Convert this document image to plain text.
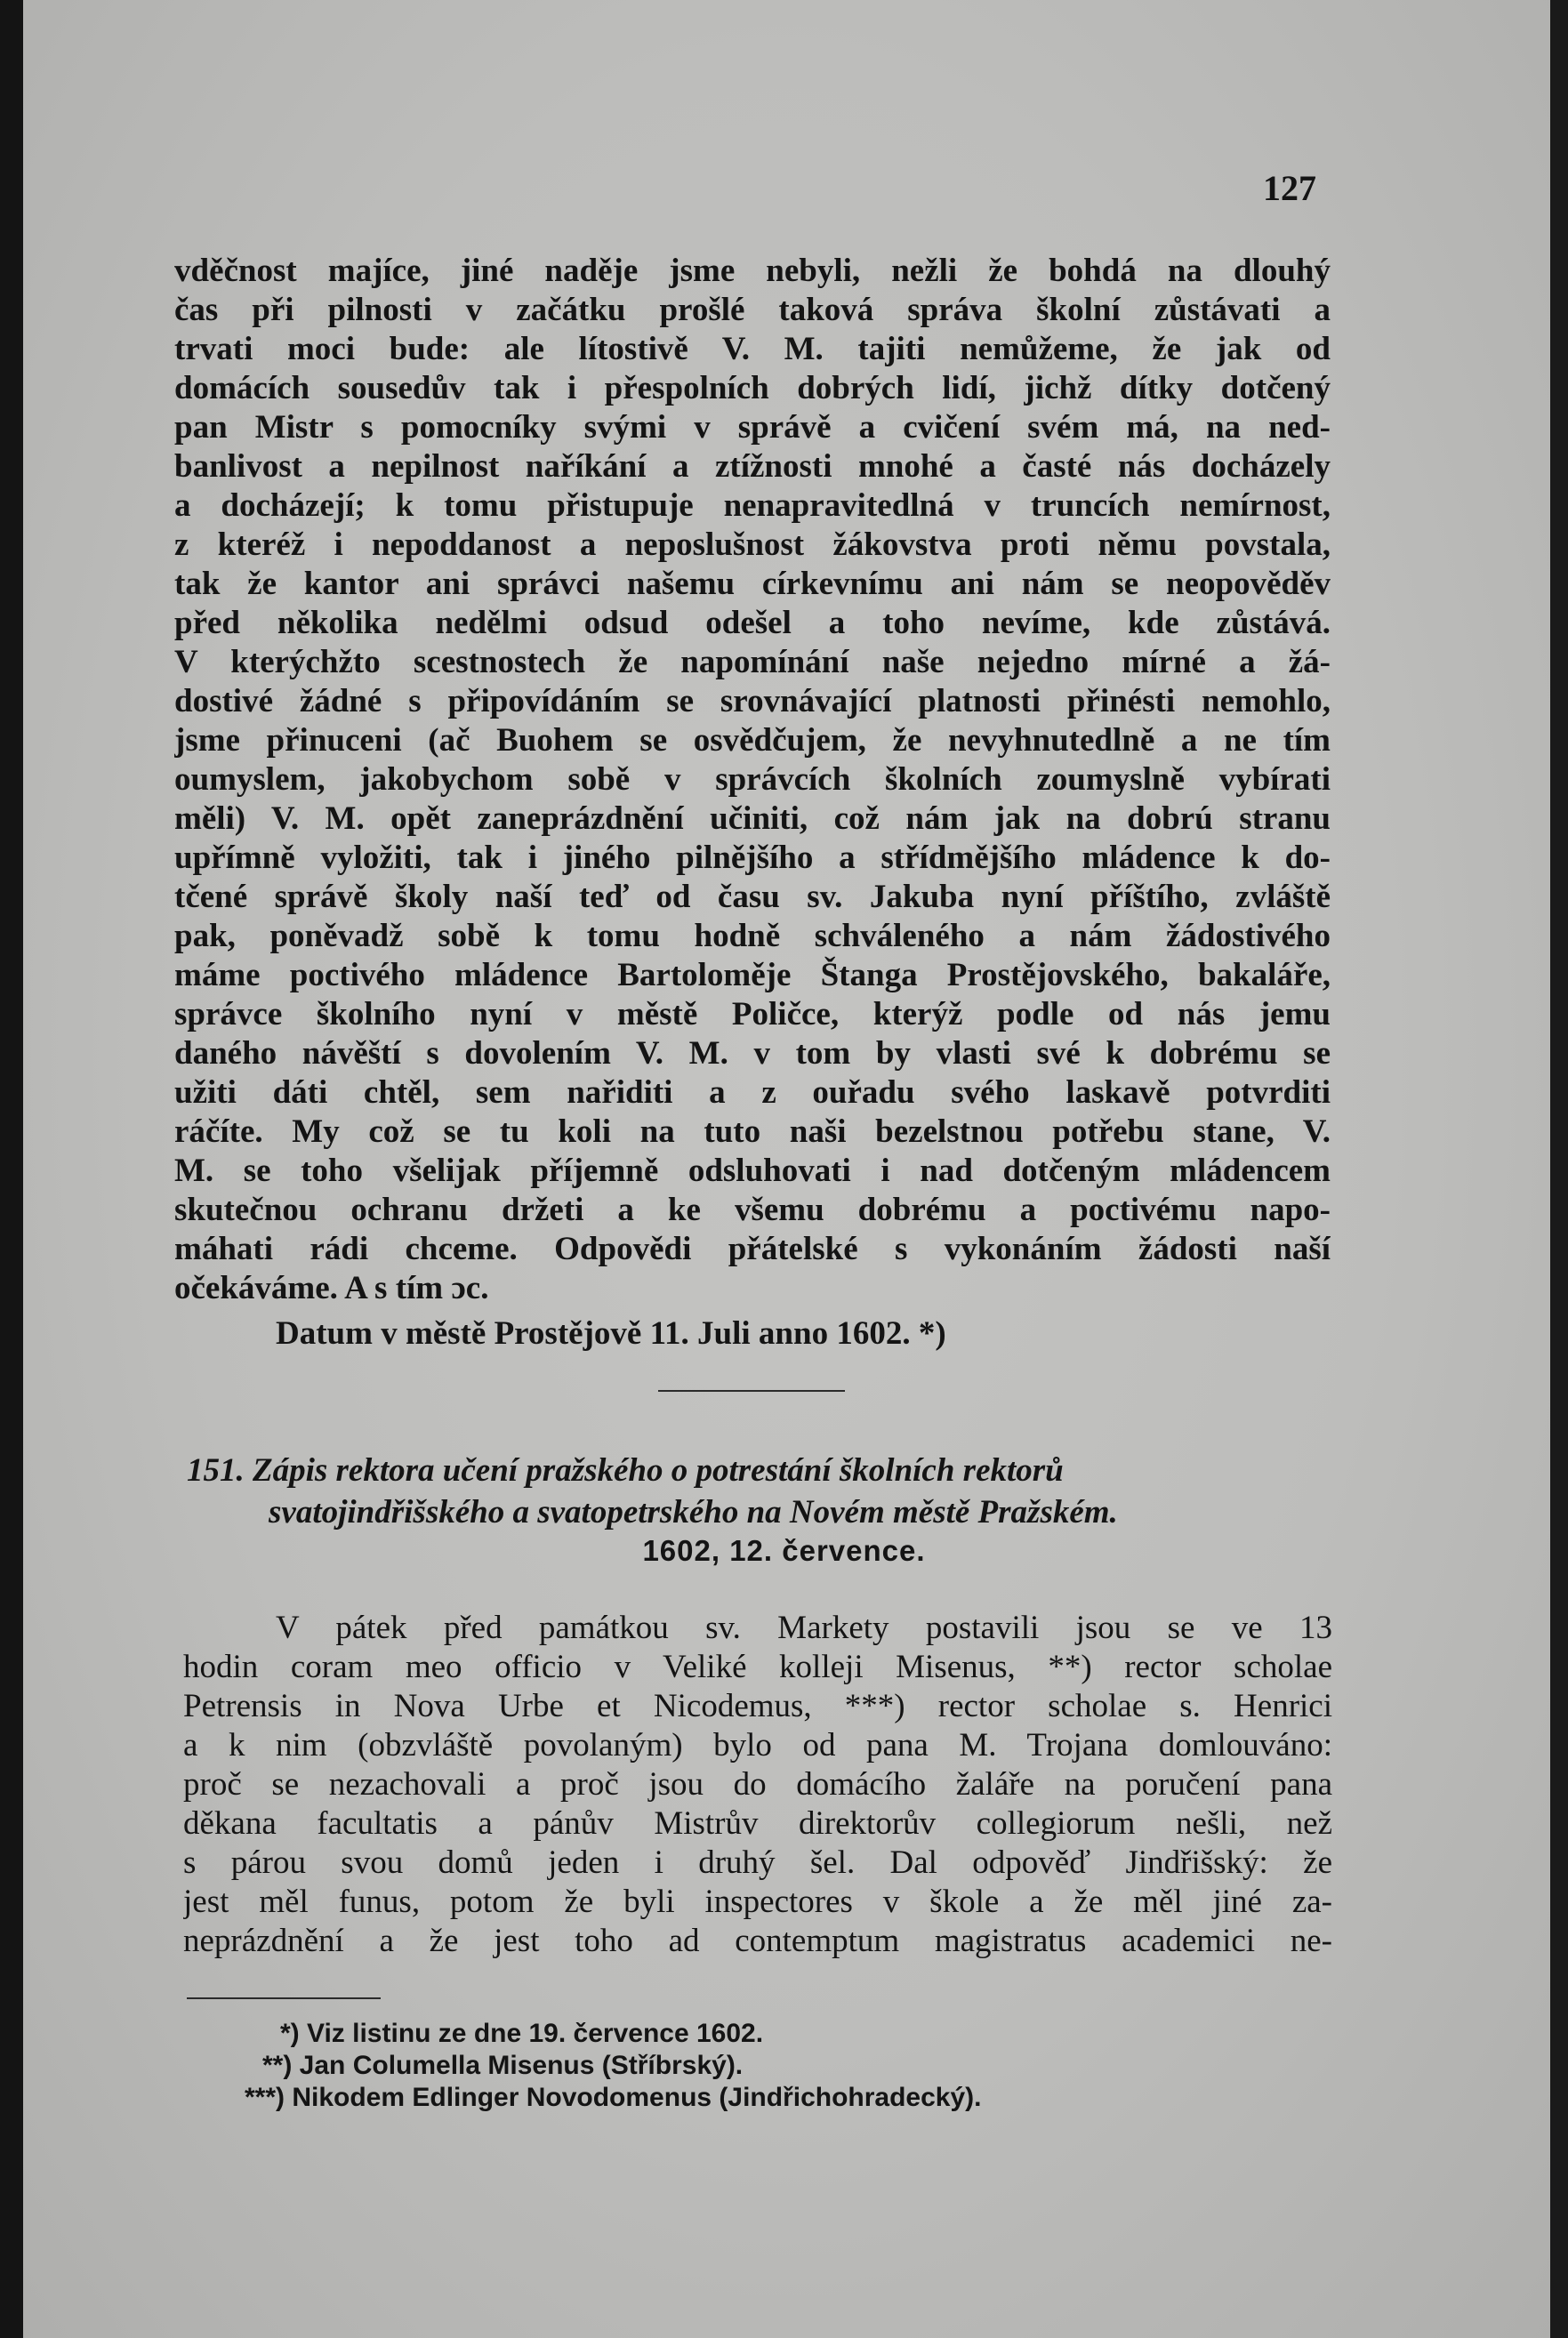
127
vděčnost majíce, jiné naděje jsme nebyli, nežli že bohdá na dlouhý
čas při pilnosti v začátku prošlé taková správa školní zůstávati a
trvati moci bude: ale lítostivě V. M. tajiti nemůžeme, že jak od
domácích sousedův tak i přespolních dobrých lidí, jichž dítky dotčený
pan Mistr s pomocníky svými v správě a cvičení svém má, na ned-
banlivost a nepilnost naříkání a ztížnosti mnohé a časté nás docházely
a docházejí; k tomu přistupuje nenapravitedlná v truncích nemírnost,
z kteréž i nepoddanost a neposlušnost žákovstva proti němu povstala,
tak že kantor ani správci našemu církevnímu ani nám se neopověděv
před několika nedělmi odsud odešel a toho nevíme, kde zůstává.
V kterýchžto scestnostech že napomínání naše nejedno mírné a žá-
dostivé žádné s připovídáním se srovnávající platnosti přinésti nemohlo,
jsme přinuceni (ač Buohem se osvědčujem, že nevyhnutedlně a ne tím
oumyslem, jakobychom sobě v správcích školních zoumyslně vybírati
měli) V. M. opět zaneprázdnění učiniti, což nám jak na dobrú stranu
upřímně vyložiti, tak i jiného pilnějšího a střídmějšího mládence k do-
tčené správě školy naší teď od času sv. Jakuba nyní příštího, zvláště
pak, poněvadž sobě k tomu hodně schváleného a nám žádostivého
máme poctivého mládence Bartoloměje Štanga Prostějovského, bakaláře,
správce školního nyní v městě Poličce, kterýž podle od nás jemu
daného návěští s dovolením V. M. v tom by vlasti své k dobrému se
užiti dáti chtěl, sem nařiditi a z ouřadu svého laskavě potvrditi
ráčíte. My což se tu koli na tuto naši bezelstnou potřebu stane, V.
M. se toho všelijak příjemně odsluhovati i nad dotčeným mládencem
skutečnou ochranu držeti a ke všemu dobrému a poctivému napo-
máhati rádi chceme. Odpovědi přátelské s vykonáním žádosti naší
očekáváme. A s tím ɔc.
Datum v městě Prostějově 11. Juli anno 1602. *)
151. Zápis rektora učení pražského o potrestání školních rektorů
svatojindřišského a svatopetrského na Novém městě Pražském.
1602, 12. července.
V pátek před památkou sv. Markety postavili jsou se ve 13
hodin coram meo officio v Veliké kolleji Misenus, **) rector scholae
Petrensis in Nova Urbe et Nicodemus, ***) rector scholae s. Henrici
a k nim (obzvláště povolaným) bylo od pana M. Trojana domlouváno:
proč se nezachovali a proč jsou do domácího žaláře na poručení pana
děkana facultatis a pánův Mistrův direktorův collegiorum nešli, než
s párou svou domů jeden i druhý šel. Dal odpověď Jindřišský: že
jest měl funus, potom že byli inspectores v škole a že měl jiné za-
neprázdnění a že jest toho ad contemptum magistratus academici ne-
*) Viz listinu ze dne 19. července 1602.
**) Jan Columella Misenus (Stříbrský).
***) Nikodem Edlinger Novodomenus (Jindřichohradecký).
